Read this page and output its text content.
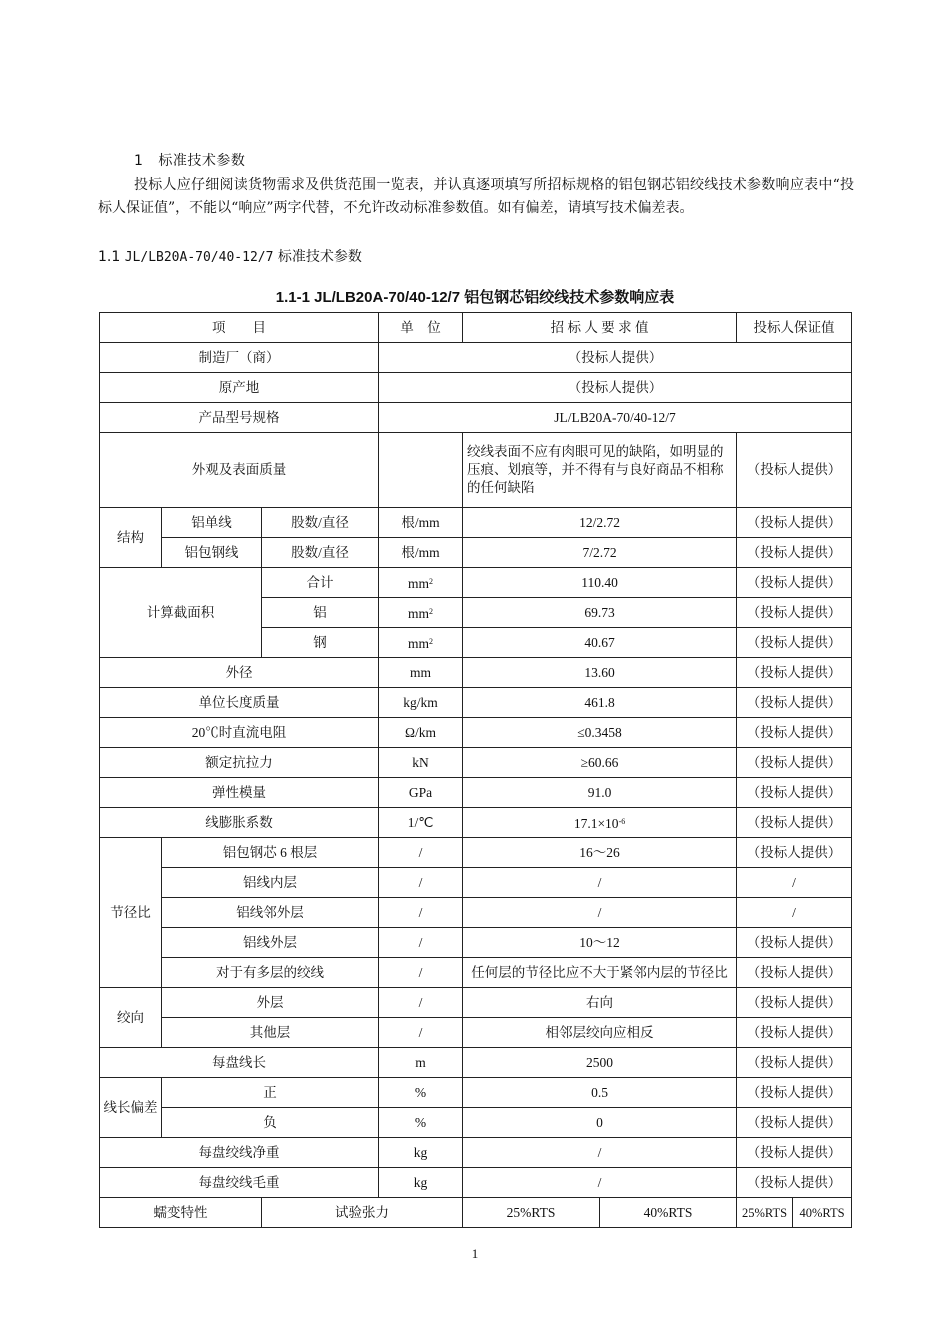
1 标准技术参数

投标人应仔细阅读货物需求及供货范围一览表，并认真逐项填写所招标规格的铝包钢芯铝绞线技术参数响应表中“投标人保证值”，不能以“响应”两字代替，不允许改动标准参数值。如有偏差，请填写技术偏差表。

1.1 JL/LB20A-70/40-12/7 标准技术参数
1.1-1 JL/LB20A-70/40-12/7 铝包钢芯铝绞线技术参数响应表
项　　目			单　位	招 标 人 要 求 值		投标人保证值	
制造厂（商）			（投标人提供）				
原产地			（投标人提供）				
产品型号规格			JL/LB20A-70/40-12/7				
外观及表面质量				绞线表面不应有肉眼可见的缺陷，如明显的压痕、划痕等，并不得有与良好商品不相称的任何缺陷		（投标人提供）	
结构	铝单线	股数/直径	根/mm	12/2.72		（投标人提供）	
	铝包钢线	股数/直径	根/mm	7/2.72		（投标人提供）	
计算截面积		合计	$mm^2$	110.40		（投标人提供）	
		铝	$mm^2$	69.73		（投标人提供）	
		钢	$mm^2$	40.67		（投标人提供）	
外径			mm	13.60		（投标人提供）	
单位长度质量			kg/km	461.8		（投标人提供）	
20℃时直流电阻			Ω/km	≤0.3458		（投标人提供）	
额定抗拉力			kN	≥60.66		（投标人提供）	
弹性模量			GPa	91.0		（投标人提供）	
线膨胀系数			1/℃	$17.1\times 10^{-6}$		（投标人提供）	
节径比	铝包钢芯 6 根层		/	16～26		（投标人提供）	
	铝线内层		/	/		/	
	铝线邻外层		/	/		/	
	铝线外层		/	10～12		（投标人提供）	
	对于有多层的绞线		/	任何层的节径比应不大于紧邻内层的节径比		（投标人提供）	
绞向	外层		/	右向		（投标人提供）	
	其他层		/	相邻层绞向应相反		（投标人提供）	
每盘线长			m	2500		（投标人提供）	
线长偏差	正		%	0.5		（投标人提供）	
	负		%	0		（投标人提供）	
每盘绞线净重			kg	/		（投标人提供）	
每盘绞线毛重			kg	/		（投标人提供）	
蠕变特性		试验张力		25%RTS	40%RTS	25%RTS	40%RTS
1
